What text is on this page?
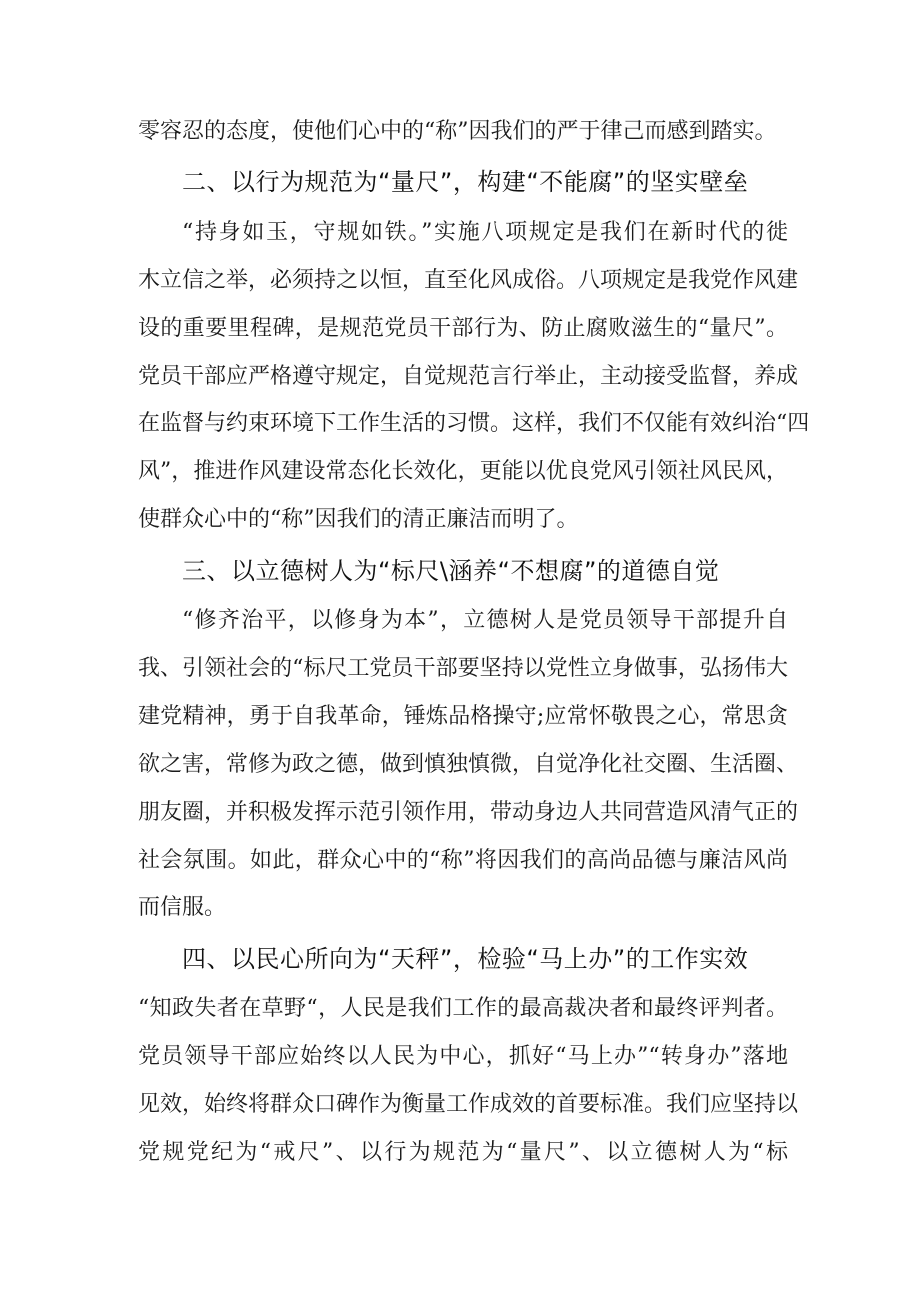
零容忍的态度，使他们心中的“称”因我们的严于律己而感到踏实。
二、以行为规范为“量尺”，构建“不能腐”的坚实壁垒
“持身如玉，守规如铁。”实施八项规定是我们在新时代的徙
木立信之举，必须持之以恒，直至化风成俗。八项规定是我党作风建
设的重要里程碑，是规范党员干部行为、防止腐败滋生的“量尺”。
党员干部应严格遵守规定，自觉规范言行举止，主动接受监督，养成
在监督与约束环境下工作生活的习惯。这样，我们不仅能有效纠治“四
风”，推进作风建设常态化长效化，更能以优良党风引领社风民风，
使群众心中的“称”因我们的清正廉洁而明了。
三、以立德树人为“标尺\涵养“不想腐”的道德自觉
“修齐治平，以修身为本”，立德树人是党员领导干部提升自
我、引领社会的“标尺工党员干部要坚持以党性立身做事，弘扬伟大
建党精神，勇于自我革命，锤炼品格操守;应常怀敬畏之心，常思贪
欲之害，常修为政之德，做到慎独慎微，自觉净化社交圈、生活圈、
朋友圈，并积极发挥示范引领作用，带动身边人共同营造风清气正的
社会氛围。如此，群众心中的“称”将因我们的高尚品德与廉洁风尚
而信服。
四、以民心所向为“天秤”，检验“马上办”的工作实效
“知政失者在草野“，人民是我们工作的最高裁决者和最终评判者。
党员领导干部应始终以人民为中心，抓好“马上办”“转身办”落地
见效，始终将群众口碑作为衡量工作成效的首要标准。我们应坚持以
党规党纪为“戒尺”、以行为规范为“量尺”、以立德树人为“标
